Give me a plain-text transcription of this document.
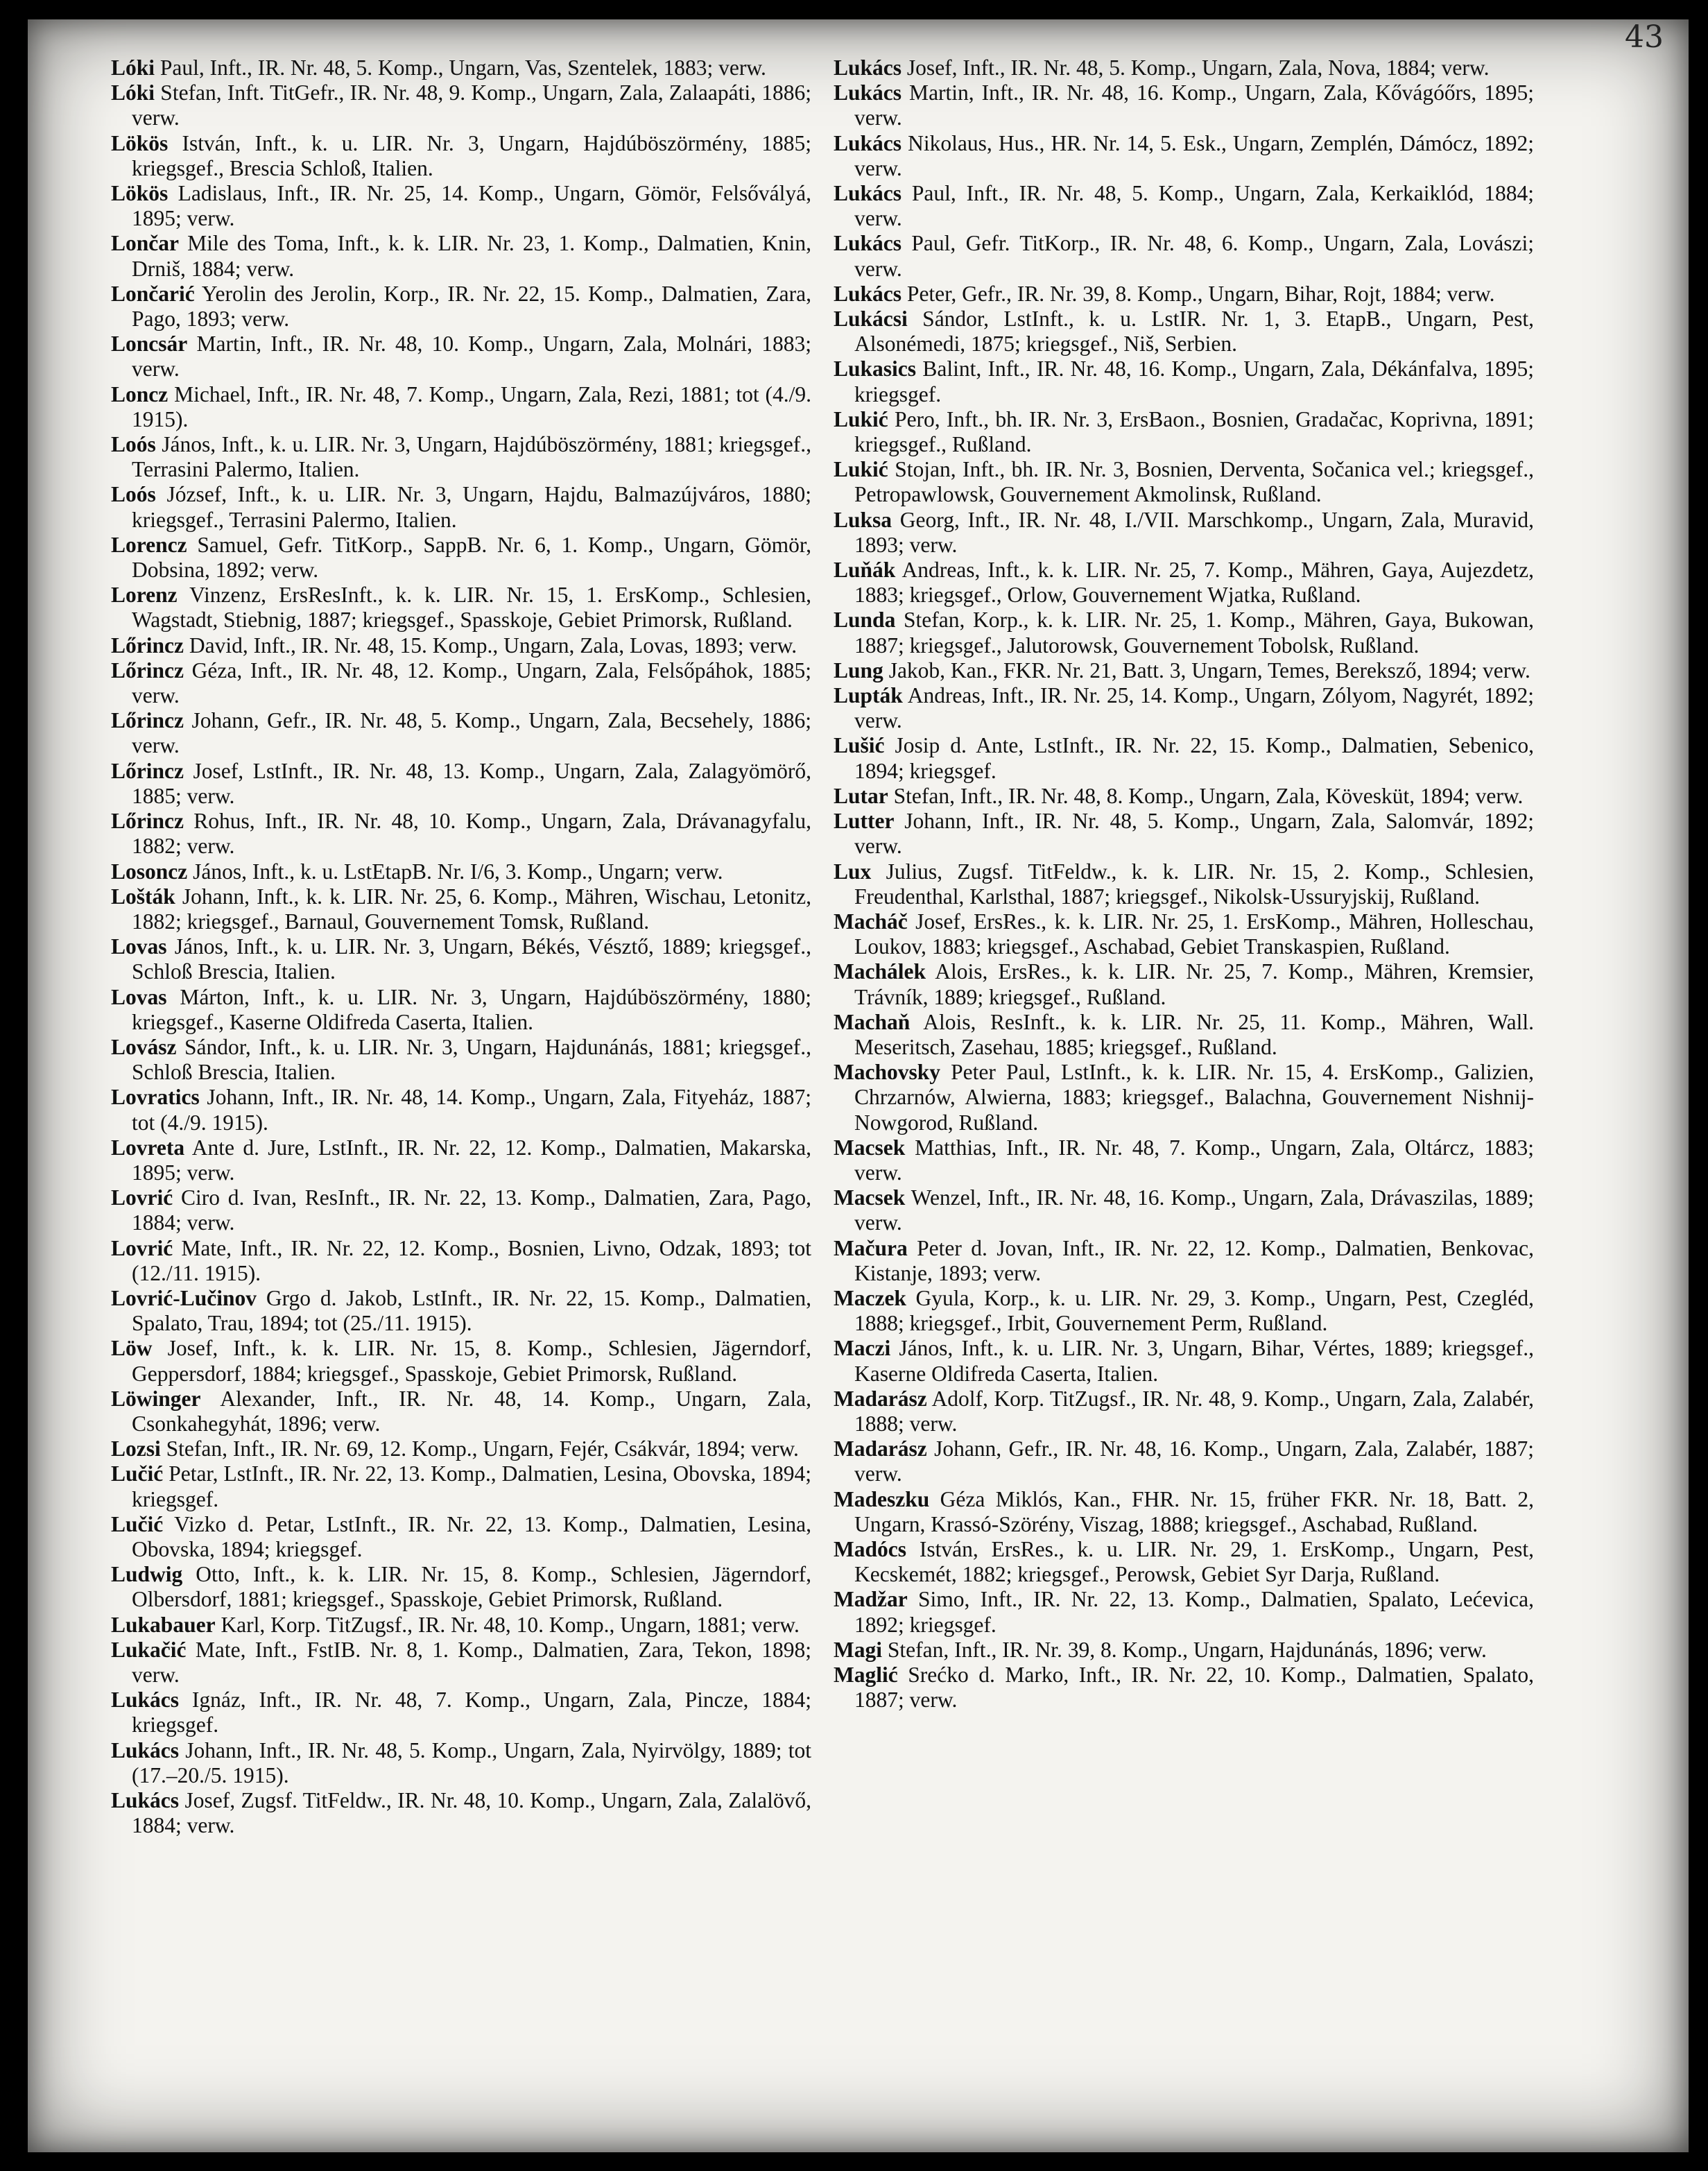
43

Lóki Paul, Inft., IR. Nr. 48, 5. Komp., Ungarn, Vas, Szentelek, 1883; verw.

Lóki Stefan, Inft. TitGefr., IR. Nr. 48, 9. Komp., Ungarn, Zala, Zalaapáti, 1886; verw.

Lökös István, Inft., k. u. LIR. Nr. 3, Ungarn, Hajdúböszörmény, 1885; kriegsgef., Brescia Schloß, Italien.

Lökös Ladislaus, Inft., IR. Nr. 25, 14. Komp., Ungarn, Gömör, Felsővályá, 1895; verw.

Lončar Mile des Toma, Inft., k. k. LIR. Nr. 23, 1. Komp., Dalmatien, Knin, Drniš, 1884; verw.

Lončarić Yerolin des Jerolin, Korp., IR. Nr. 22, 15. Komp., Dalmatien, Zara, Pago, 1893; verw.

Loncsár Martin, Inft., IR. Nr. 48, 10. Komp., Ungarn, Zala, Molnári, 1883; verw.

Loncz Michael, Inft., IR. Nr. 48, 7. Komp., Ungarn, Zala, Rezi, 1881; tot (4./9. 1915).

Loós János, Inft., k. u. LIR. Nr. 3, Ungarn, Hajdúböszörmény, 1881; kriegsgef., Terrasini Palermo, Italien.

Loós József, Inft., k. u. LIR. Nr. 3, Ungarn, Hajdu, Balmazújváros, 1880; kriegsgef., Terrasini Palermo, Italien.

Lorencz Samuel, Gefr. TitKorp., SappB. Nr. 6, 1. Komp., Ungarn, Gömör, Dobsina, 1892; verw.

Lorenz Vinzenz, ErsResInft., k. k. LIR. Nr. 15, 1. ErsKomp., Schlesien, Wagstadt, Stiebnig, 1887; kriegsgef., Spasskoje, Gebiet Primorsk, Rußland.

Lőrincz David, Inft., IR. Nr. 48, 15. Komp., Ungarn, Zala, Lovas, 1893; verw.

Lőrincz Géza, Inft., IR. Nr. 48, 12. Komp., Ungarn, Zala, Felsőpáhok, 1885; verw.

Lőrincz Johann, Gefr., IR. Nr. 48, 5. Komp., Ungarn, Zala, Becsehely, 1886; verw.

Lőrincz Josef, LstInft., IR. Nr. 48, 13. Komp., Ungarn, Zala, Zalagyömörő, 1885; verw.

Lőrincz Rohus, Inft., IR. Nr. 48, 10. Komp., Ungarn, Zala, Drávanagyfalu, 1882; verw.

Losoncz János, Inft., k. u. LstEtapB. Nr. I/6, 3. Komp., Ungarn; verw.

Lošták Johann, Inft., k. k. LIR. Nr. 25, 6. Komp., Mähren, Wischau, Letonitz, 1882; kriegsgef., Barnaul, Gouvernement Tomsk, Rußland.

Lovas János, Inft., k. u. LIR. Nr. 3, Ungarn, Békés, Vésztő, 1889; kriegsgef., Schloß Brescia, Italien.

Lovas Márton, Inft., k. u. LIR. Nr. 3, Ungarn, Hajdúböszörmény, 1880; kriegsgef., Kaserne Oldifreda Caserta, Italien.

Lovász Sándor, Inft., k. u. LIR. Nr. 3, Ungarn, Hajdunánás, 1881; kriegsgef., Schloß Brescia, Italien.

Lovratics Johann, Inft., IR. Nr. 48, 14. Komp., Ungarn, Zala, Fityeház, 1887; tot (4./9. 1915).

Lovreta Ante d. Jure, LstInft., IR. Nr. 22, 12. Komp., Dalmatien, Makarska, 1895; verw.

Lovrić Ciro d. Ivan, ResInft., IR. Nr. 22, 13. Komp., Dalmatien, Zara, Pago, 1884; verw.

Lovrić Mate, Inft., IR. Nr. 22, 12. Komp., Bosnien, Livno, Odzak, 1893; tot (12./11. 1915).

Lovrić-Lučinov Grgo d. Jakob, LstInft., IR. Nr. 22, 15. Komp., Dalmatien, Spalato, Trau, 1894; tot (25./11. 1915).

Löw Josef, Inft., k. k. LIR. Nr. 15, 8. Komp., Schlesien, Jägerndorf, Geppersdorf, 1884; kriegsgef., Spasskoje, Gebiet Primorsk, Rußland.

Löwinger Alexander, Inft., IR. Nr. 48, 14. Komp., Ungarn, Zala, Csonkahegyhát, 1896; verw.

Lozsi Stefan, Inft., IR. Nr. 69, 12. Komp., Ungarn, Fejér, Csákvár, 1894; verw.

Lučić Petar, LstInft., IR. Nr. 22, 13. Komp., Dalmatien, Lesina, Obovska, 1894; kriegsgef.

Lučić Vizko d. Petar, LstInft., IR. Nr. 22, 13. Komp., Dalmatien, Lesina, Obovska, 1894; kriegsgef.

Ludwig Otto, Inft., k. k. LIR. Nr. 15, 8. Komp., Schlesien, Jägerndorf, Olbersdorf, 1881; kriegsgef., Spasskoje, Gebiet Primorsk, Rußland.

Lukabauer Karl, Korp. TitZugsf., IR. Nr. 48, 10. Komp., Ungarn, 1881; verw.

Lukačić Mate, Inft., FstIB. Nr. 8, 1. Komp., Dalmatien, Zara, Tekon, 1898; verw.

Lukács Ignáz, Inft., IR. Nr. 48, 7. Komp., Ungarn, Zala, Pincze, 1884; kriegsgef.

Lukács Johann, Inft., IR. Nr. 48, 5. Komp., Ungarn, Zala, Nyirvölgy, 1889; tot (17.–20./5. 1915).

Lukács Josef, Zugsf. TitFeldw., IR. Nr. 48, 10. Komp., Ungarn, Zala, Zalalövő, 1884; verw.

Lukács Josef, Inft., IR. Nr. 48, 5. Komp., Ungarn, Zala, Nova, 1884; verw.

Lukács Martin, Inft., IR. Nr. 48, 16. Komp., Ungarn, Zala, Kővágóőrs, 1895; verw.

Lukács Nikolaus, Hus., HR. Nr. 14, 5. Esk., Ungarn, Zemplén, Dámócz, 1892; verw.

Lukács Paul, Inft., IR. Nr. 48, 5. Komp., Ungarn, Zala, Kerkaiklód, 1884; verw.

Lukács Paul, Gefr. TitKorp., IR. Nr. 48, 6. Komp., Ungarn, Zala, Lovászi; verw.

Lukács Peter, Gefr., IR. Nr. 39, 8. Komp., Ungarn, Bihar, Rojt, 1884; verw.

Lukácsi Sándor, LstInft., k. u. LstIR. Nr. 1, 3. EtapB., Ungarn, Pest, Alsonémedi, 1875; kriegsgef., Niš, Serbien.

Lukasics Balint, Inft., IR. Nr. 48, 16. Komp., Ungarn, Zala, Dékánfalva, 1895; kriegsgef.

Lukić Pero, Inft., bh. IR. Nr. 3, ErsBaon., Bosnien, Gradačac, Koprivna, 1891; kriegsgef., Rußland.

Lukić Stojan, Inft., bh. IR. Nr. 3, Bosnien, Derventa, Sočanica vel.; kriegsgef., Petropawlowsk, Gouvernement Akmolinsk, Rußland.

Luksa Georg, Inft., IR. Nr. 48, I./VII. Marschkomp., Ungarn, Zala, Muravid, 1893; verw.

Luňák Andreas, Inft., k. k. LIR. Nr. 25, 7. Komp., Mähren, Gaya, Aujezdetz, 1883; kriegsgef., Orlow, Gouvernement Wjatka, Rußland.

Lunda Stefan, Korp., k. k. LIR. Nr. 25, 1. Komp., Mähren, Gaya, Bukowan, 1887; kriegsgef., Jalutorowsk, Gouvernement Tobolsk, Rußland.

Lung Jakob, Kan., FKR. Nr. 21, Batt. 3, Ungarn, Temes, Bereksző, 1894; verw.

Lupták Andreas, Inft., IR. Nr. 25, 14. Komp., Ungarn, Zólyom, Nagyrét, 1892; verw.

Lušić Josip d. Ante, LstInft., IR. Nr. 22, 15. Komp., Dalmatien, Sebenico, 1894; kriegsgef.

Lutar Stefan, Inft., IR. Nr. 48, 8. Komp., Ungarn, Zala, Kövesküt, 1894; verw.

Lutter Johann, Inft., IR. Nr. 48, 5. Komp., Ungarn, Zala, Salomvár, 1892; verw.

Lux Julius, Zugsf. TitFeldw., k. k. LIR. Nr. 15, 2. Komp., Schlesien, Freudenthal, Karlsthal, 1887; kriegsgef., Nikolsk-Ussuryjskij, Rußland.

Macháč Josef, ErsRes., k. k. LIR. Nr. 25, 1. ErsKomp., Mähren, Holleschau, Loukov, 1883; kriegsgef., Aschabad, Gebiet Transkaspien, Rußland.

Machálek Alois, ErsRes., k. k. LIR. Nr. 25, 7. Komp., Mähren, Kremsier, Trávník, 1889; kriegsgef., Rußland.

Machaň Alois, ResInft., k. k. LIR. Nr. 25, 11. Komp., Mähren, Wall. Meseritsch, Zasehau, 1885; kriegsgef., Rußland.

Machovsky Peter Paul, LstInft., k. k. LIR. Nr. 15, 4. ErsKomp., Galizien, Chrzarnów, Alwierna, 1883; kriegsgef., Balachna, Gouvernement Nishnij-Nowgorod, Rußland.

Macsek Matthias, Inft., IR. Nr. 48, 7. Komp., Ungarn, Zala, Oltárcz, 1883; verw.

Macsek Wenzel, Inft., IR. Nr. 48, 16. Komp., Ungarn, Zala, Drávaszilas, 1889; verw.

Mačura Peter d. Jovan, Inft., IR. Nr. 22, 12. Komp., Dalmatien, Benkovac, Kistanje, 1893; verw.

Maczek Gyula, Korp., k. u. LIR. Nr. 29, 3. Komp., Ungarn, Pest, Czegléd, 1888; kriegsgef., Irbit, Gouvernement Perm, Rußland.

Maczi János, Inft., k. u. LIR. Nr. 3, Ungarn, Bihar, Vértes, 1889; kriegsgef., Kaserne Oldifreda Caserta, Italien.

Madarász Adolf, Korp. TitZugsf., IR. Nr. 48, 9. Komp., Ungarn, Zala, Zalabér, 1888; verw.

Madarász Johann, Gefr., IR. Nr. 48, 16. Komp., Ungarn, Zala, Zalabér, 1887; verw.

Madeszku Géza Miklós, Kan., FHR. Nr. 15, früher FKR. Nr. 18, Batt. 2, Ungarn, Krassó-Szörény, Viszag, 1888; kriegsgef., Aschabad, Rußland.

Madócs István, ErsRes., k. u. LIR. Nr. 29, 1. ErsKomp., Ungarn, Pest, Kecskemét, 1882; kriegsgef., Perowsk, Gebiet Syr Darja, Rußland.

Madžar Simo, Inft., IR. Nr. 22, 13. Komp., Dalmatien, Spalato, Lećevica, 1892; kriegsgef.

Magi Stefan, Inft., IR. Nr. 39, 8. Komp., Ungarn, Hajdunánás, 1896; verw.

Maglić Srećko d. Marko, Inft., IR. Nr. 22, 10. Komp., Dalmatien, Spalato, 1887; verw.
